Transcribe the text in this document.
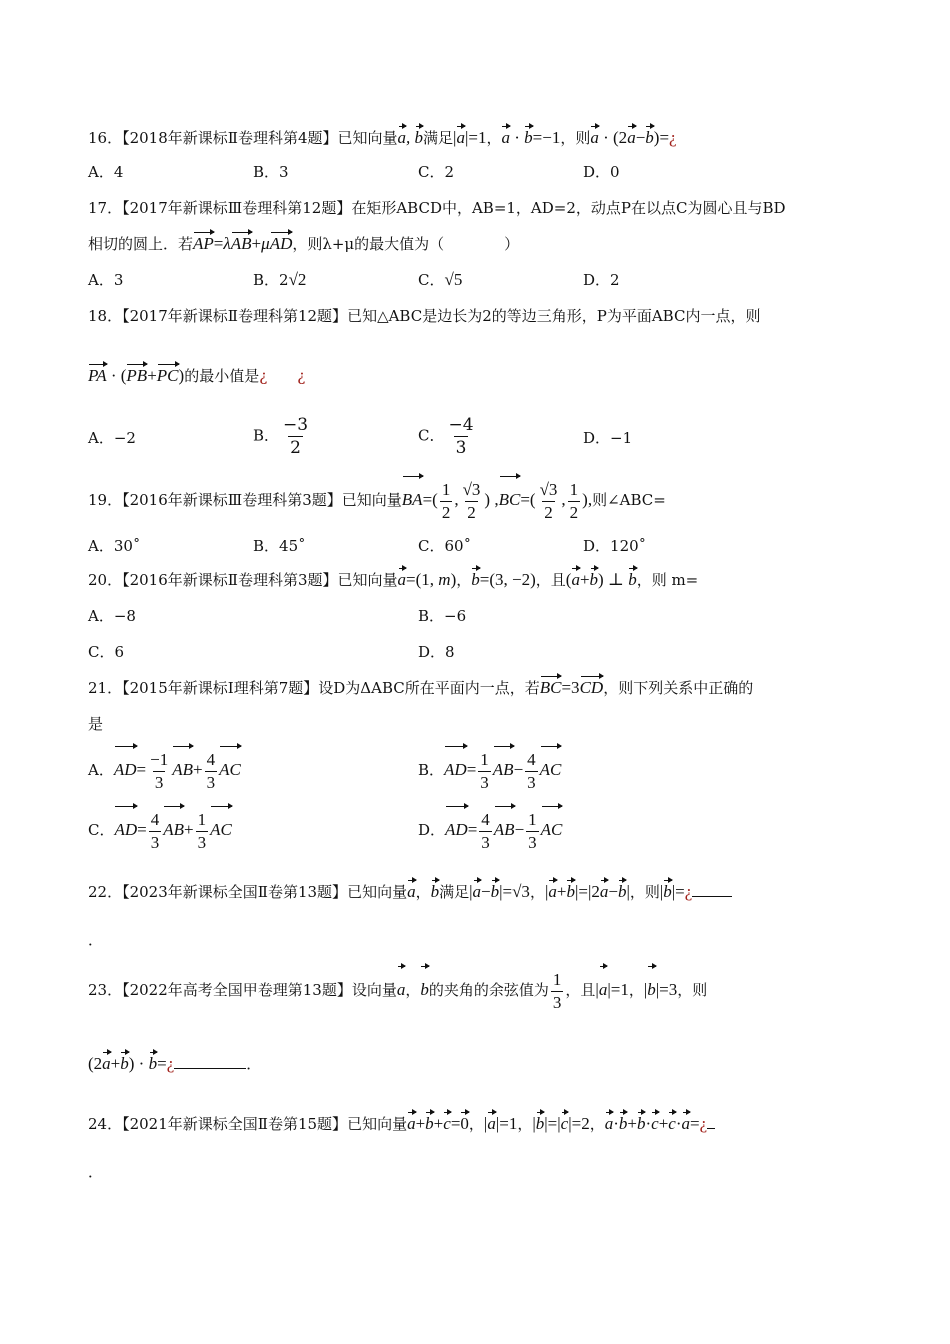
16．【2018年新课标Ⅱ卷理科第4题】已知向量a, b满足|a|=1，a · b=−1，则a · (2a−b)=¿
A．4	B．3	C．2	D．0
17．【2017年新课标Ⅲ卷理科第12题】在矩形ABCD中，AB=1，AD=2，动点P在以点C为圆心且与BD
相切的圆上．若AP=λAB+μAD，则λ+μ的最大值为（　　　　）
A．3	B．2√2	C．√5	D．2
18．【2017年新课标Ⅱ卷理科第12题】已知△ABC是边长为2的等边三角形，P为平面ABC内一点，则
PA · (PB+PC)的最小值是¿ ¿
A．−2	B． $\frac{-3}{2}$	C． $\frac{-4}{3}$	D．−1
19．【2016年新课标Ⅲ卷理科第3题】已知向量$BA=( \frac{1}{2}$ , $\frac{√3}{2}$ ) $,BC=( \frac{√3}{2}$ , $\frac{1}{2}$ ),则∠ABC=
A．30˚	B．45˚	C．60˚	D．120˚
20．【2016年新课标Ⅱ卷理科第3题】已知向量a=(1, m)，b=(3, −2)，且(a+b) ⊥ b，则 m=
A．−8	B．−6
C．6	D．8
21．【2015年新课标Ⅰ理科第7题】设D为ΔABC所在平面内一点，若BC=3CD，则下列关系中正确的
是
A．$AD= \frac{-1}{3} AB+ \frac{4}{3}$ AC	B．$AD= \frac{1}{3} AB- \frac{4}{3}$ AC
C．$AD= \frac{4}{3} AB+ \frac{1}{3}$ AC	D．$AD= \frac{4}{3} AB- \frac{1}{3}$ AC
22．【2023年新课标全国Ⅱ卷第13题】已知向量a，b满足|a−b|=√3，|a+b|=|2a−b|，则|b|=¿
．
23．【2022年高考全国甲卷理第13题】设向量a，b的夹角的余弦值为 $\frac{1}{3}$ ，且|a|=1，|b|=3，则
(2a+b) · b=¿	．
24．【2021年新课标全国Ⅱ卷第15题】已知向量a+b+c=0，|a|=1，|b|=|c|=2，a·b+b·c+c·a=¿
．
